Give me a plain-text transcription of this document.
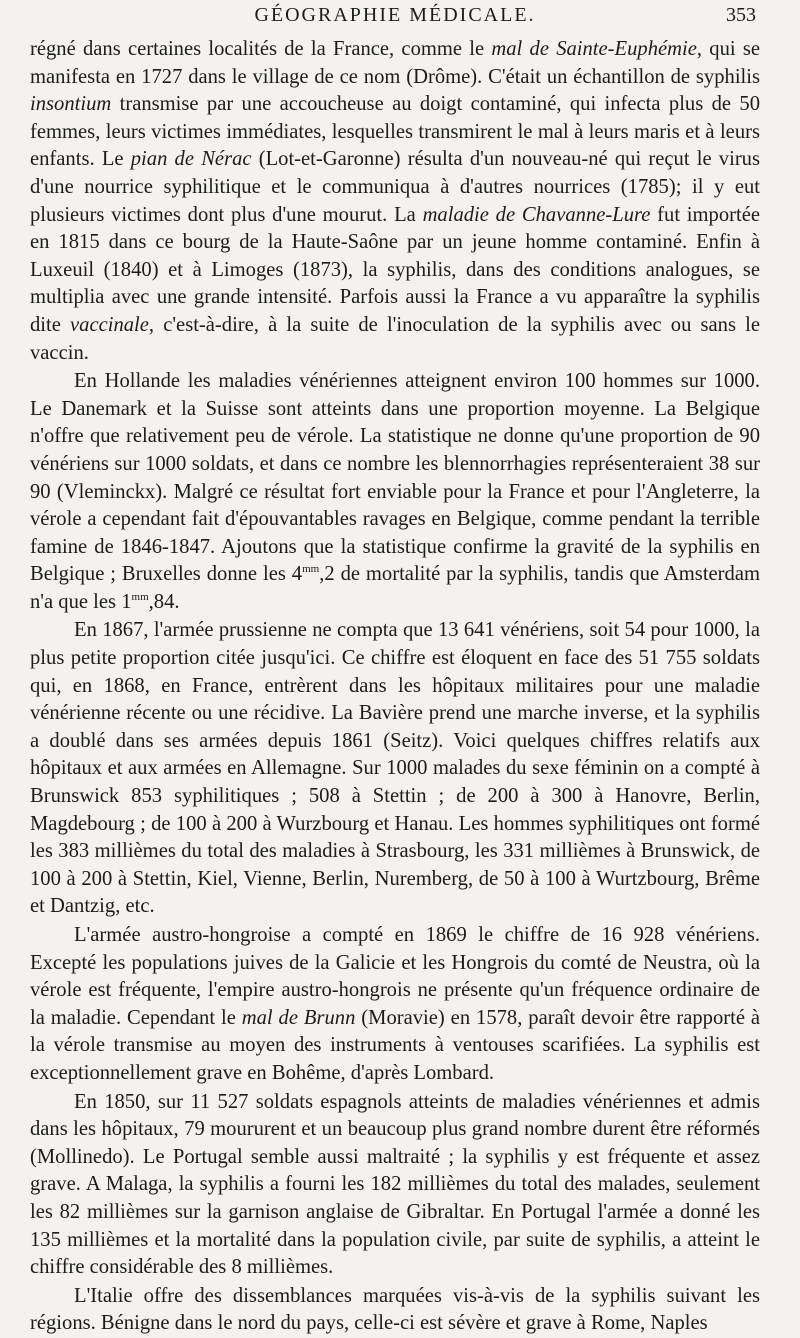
GÉOGRAPHIE MÉDICALE.	353

régné dans certaines localités de la France, comme le mal de Sainte-Euphémie, qui se manifesta en 1727 dans le village de ce nom (Drôme). C'était un échantillon de syphilis insontium transmise par une accoucheuse au doigt contaminé, qui infecta plus de 50 femmes, leurs victimes immédiates, lesquelles transmirent le mal à leurs maris et à leurs enfants. Le pian de Nérac (Lot-et-Garonne) résulta d'un nouveau-né qui reçut le virus d'une nourrice syphilitique et le communiqua à d'autres nourrices (1785); il y eut plusieurs victimes dont plus d'une mourut. La maladie de Chavanne-Lure fut importée en 1815 dans ce bourg de la Haute-Saône par un jeune homme contaminé. Enfin à Luxeuil (1840) et à Limoges (1873), la syphilis, dans des conditions analogues, se multiplia avec une grande intensité. Parfois aussi la France a vu apparaître la syphilis dite vaccinale, c'est-à-dire, à la suite de l'inoculation de la syphilis avec ou sans le vaccin.

En Hollande les maladies vénériennes atteignent environ 100 hommes sur 1000. Le Danemark et la Suisse sont atteints dans une proportion moyenne. La Belgique n'offre que relativement peu de vérole. La statistique ne donne qu'une proportion de 90 vénériens sur 1000 soldats, et dans ce nombre les blennorrhagies représenteraient 38 sur 90 (Vleminckx). Malgré ce résultat fort enviable pour la France et pour l'Angleterre, la vérole a cependant fait d'épouvantables ravages en Belgique, comme pendant la terrible famine de 1846-1847. Ajoutons que la statistique confirme la gravité de la syphilis en Belgique ; Bruxelles donne les $4^{mm},2$ de mortalité par la syphilis, tandis que Amsterdam n'a que les $1^{mm},84$.

En 1867, l'armée prussienne ne compta que 13 641 vénériens, soit 54 pour 1000, la plus petite proportion citée jusqu'ici. Ce chiffre est éloquent en face des 51 755 soldats qui, en 1868, en France, entrèrent dans les hôpitaux militaires pour une maladie vénérienne récente ou une récidive. La Bavière prend une marche inverse, et la syphilis a doublé dans ses armées depuis 1861 (Seitz). Voici quelques chiffres relatifs aux hôpitaux et aux armées en Allemagne. Sur 1000 malades du sexe féminin on a compté à Brunswick 853 syphilitiques ; 508 à Stettin ; de 200 à 300 à Hanovre, Berlin, Magdebourg ; de 100 à 200 à Wurzbourg et Hanau. Les hommes syphilitiques ont formé les 383 millièmes du total des maladies à Strasbourg, les 331 millièmes à Brunswick, de 100 à 200 à Stettin, Kiel, Vienne, Berlin, Nuremberg, de 50 à 100 à Wurtzbourg, Brême et Dantzig, etc.

L'armée austro-hongroise a compté en 1869 le chiffre de 16 928 vénériens. Excepté les populations juives de la Galicie et les Hongrois du comté de Neustra, où la vérole est fréquente, l'empire austro-hongrois ne présente qu'un fréquence ordinaire de la maladie. Cependant le mal de Brunn (Moravie) en 1578, paraît devoir être rapporté à la vérole transmise au moyen des instruments à ventouses scarifiées. La syphilis est exceptionnellement grave en Bohême, d'après Lombard.

En 1850, sur 11 527 soldats espagnols atteints de maladies vénériennes et admis dans les hôpitaux, 79 moururent et un beaucoup plus grand nombre durent être réformés (Mollinedo). Le Portugal semble aussi maltraité ; la syphilis y est fréquente et assez grave. A Malaga, la syphilis a fourni les 182 millièmes du total des malades, seulement les 82 millièmes sur la garnison anglaise de Gibraltar. En Portugal l'armée a donné les 135 millièmes et la mortalité dans la population civile, par suite de syphilis, a atteint le chiffre considérable des 8 millièmes.

L'Italie offre des dissemblances marquées vis-à-vis de la syphilis suivant les régions. Bénigne dans le nord du pays, celle-ci est sévère et grave à Rome, Naples
